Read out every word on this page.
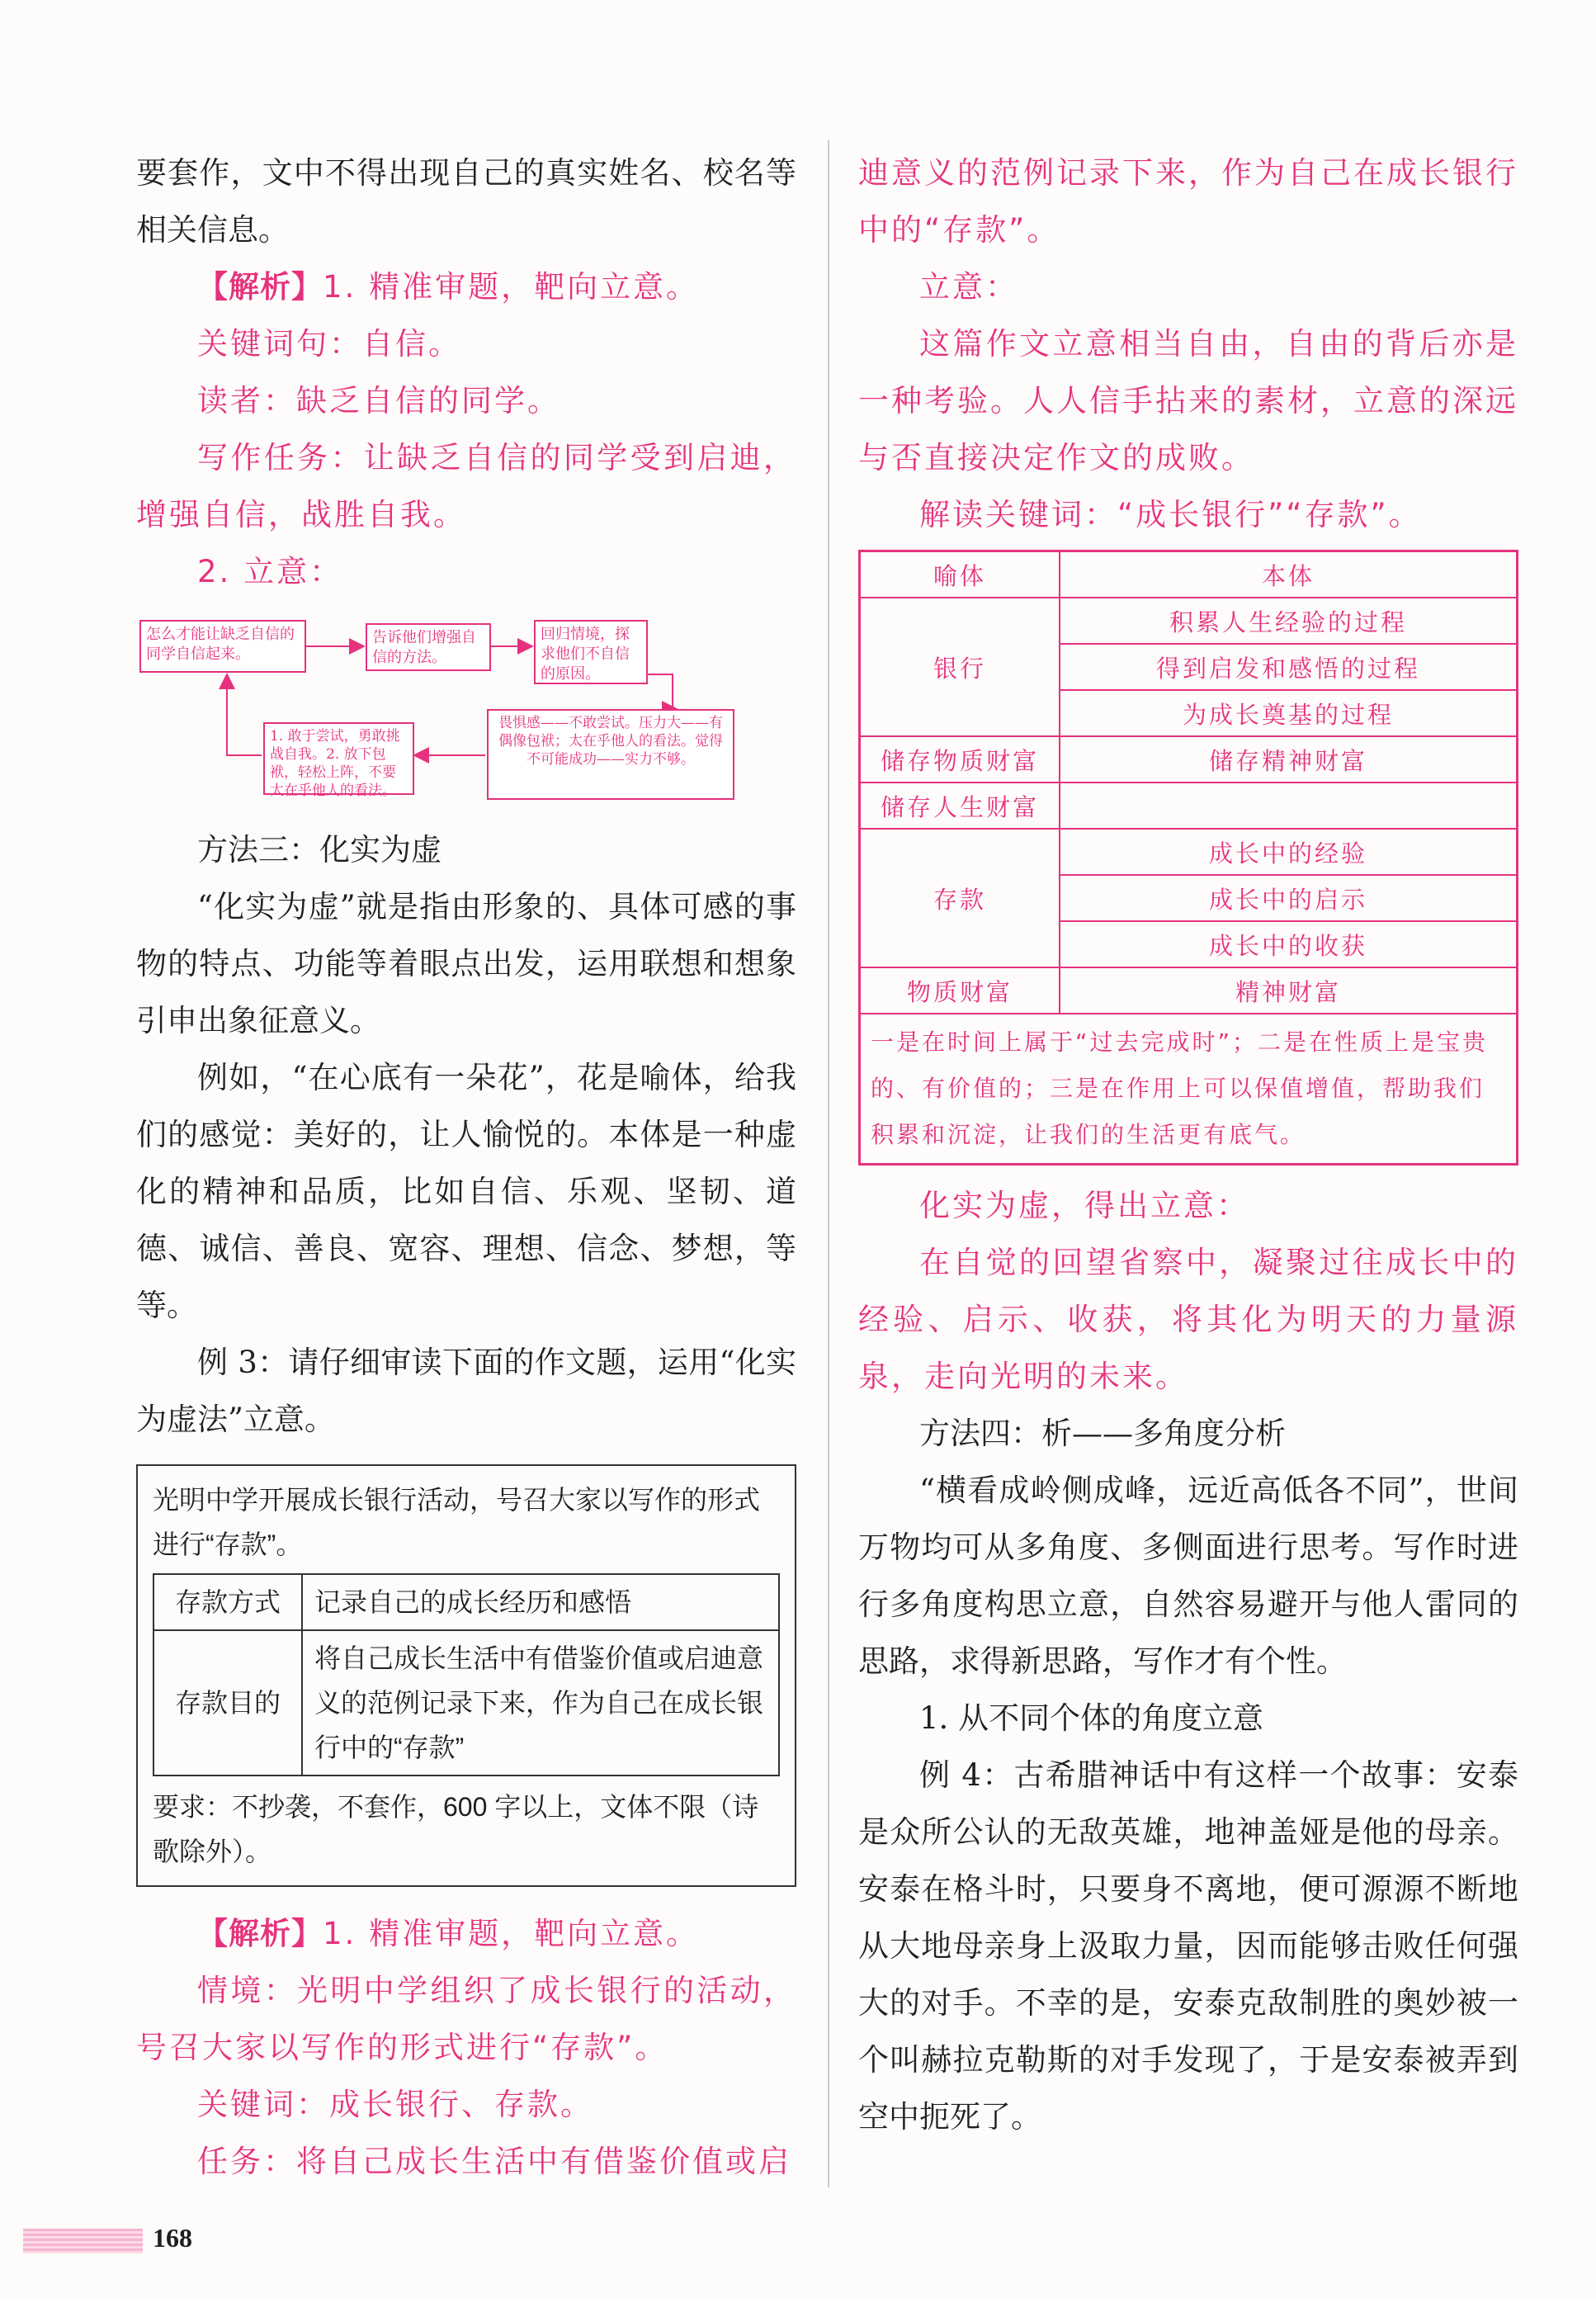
要套作，文中不得出现自己的真实姓名、校名等相关信息。

【解析】1. 精准审题，靶向立意。

关键词句：自信。

读者：缺乏自信的同学。

写作任务：让缺乏自信的同学受到启迪，增强自信，战胜自我。

2. 立意：

怎么才能让缺乏自信的同学自信起来。
告诉他们增强自信的方法。
回归情境，探求他们不自信的原因。
畏惧感——不敢尝试。压力大——有偶像包袱；太在乎他人的看法。觉得不可能成功——实力不够。
1. 敢于尝试，勇敢挑战自我。2. 放下包袱，轻松上阵，不要太在乎他人的看法。

方法三：化实为虚

“化实为虚”就是指由形象的、具体可感的事物的特点、功能等着眼点出发，运用联想和想象引申出象征意义。

例如，“在心底有一朵花”，花是喻体，给我们的感觉：美好的，让人愉悦的。本体是一种虚化的精神和品质，比如自信、乐观、坚韧、道德、诚信、善良、宽容、理想、信念、梦想，等等。

例 3：请仔细审读下面的作文题，运用“化实为虚法”立意。

光明中学开展成长银行活动，号召大家以写作的形式进行“存款”。

存款方式	记录自己的成长经历和感悟
存款目的	将自己成长生活中有借鉴价值或启迪意义的范例记录下来，作为自己在成长银行中的“存款”

要求：不抄袭，不套作，600 字以上，文体不限（诗歌除外）。

【解析】1. 精准审题，靶向立意。

情境：光明中学组织了成长银行的活动，号召大家以写作的形式进行“存款”。

关键词：成长银行、存款。

任务：将自己成长生活中有借鉴价值或启

迪意义的范例记录下来，作为自己在成长银行中的“存款”。

立意：

这篇作文立意相当自由，自由的背后亦是一种考验。人人信手拈来的素材，立意的深远与否直接决定作文的成败。

解读关键词：“成长银行”“存款”。

喻体	本体
银行	积累人生经验的过程
	得到启发和感悟的过程
	为成长奠基的过程
储存物质财富	储存精神财富
储存人生财富	
存款	成长中的经验
	成长中的启示
	成长中的收获
物质财富	精神财富
一是在时间上属于“过去完成时”；二是在性质上是宝贵的、有价值的；三是在作用上可以保值增值，帮助我们积累和沉淀，让我们的生活更有底气。	

化实为虚，得出立意：

在自觉的回望省察中，凝聚过往成长中的经验、启示、收获，将其化为明天的力量源泉，走向光明的未来。

方法四：析——多角度分析

“横看成岭侧成峰，远近高低各不同”，世间万物均可从多角度、多侧面进行思考。写作时进行多角度构思立意，自然容易避开与他人雷同的思路，求得新思路，写作才有个性。

1. 从不同个体的角度立意

例 4：古希腊神话中有这样一个故事：安泰是众所公认的无敌英雄，地神盖娅是他的母亲。安泰在格斗时，只要身不离地，便可源源不断地从大地母亲身上汲取力量，因而能够击败任何强大的对手。不幸的是，安泰克敌制胜的奥妙被一个叫赫拉克勒斯的对手发现了，于是安泰被弄到空中扼死了。

168
